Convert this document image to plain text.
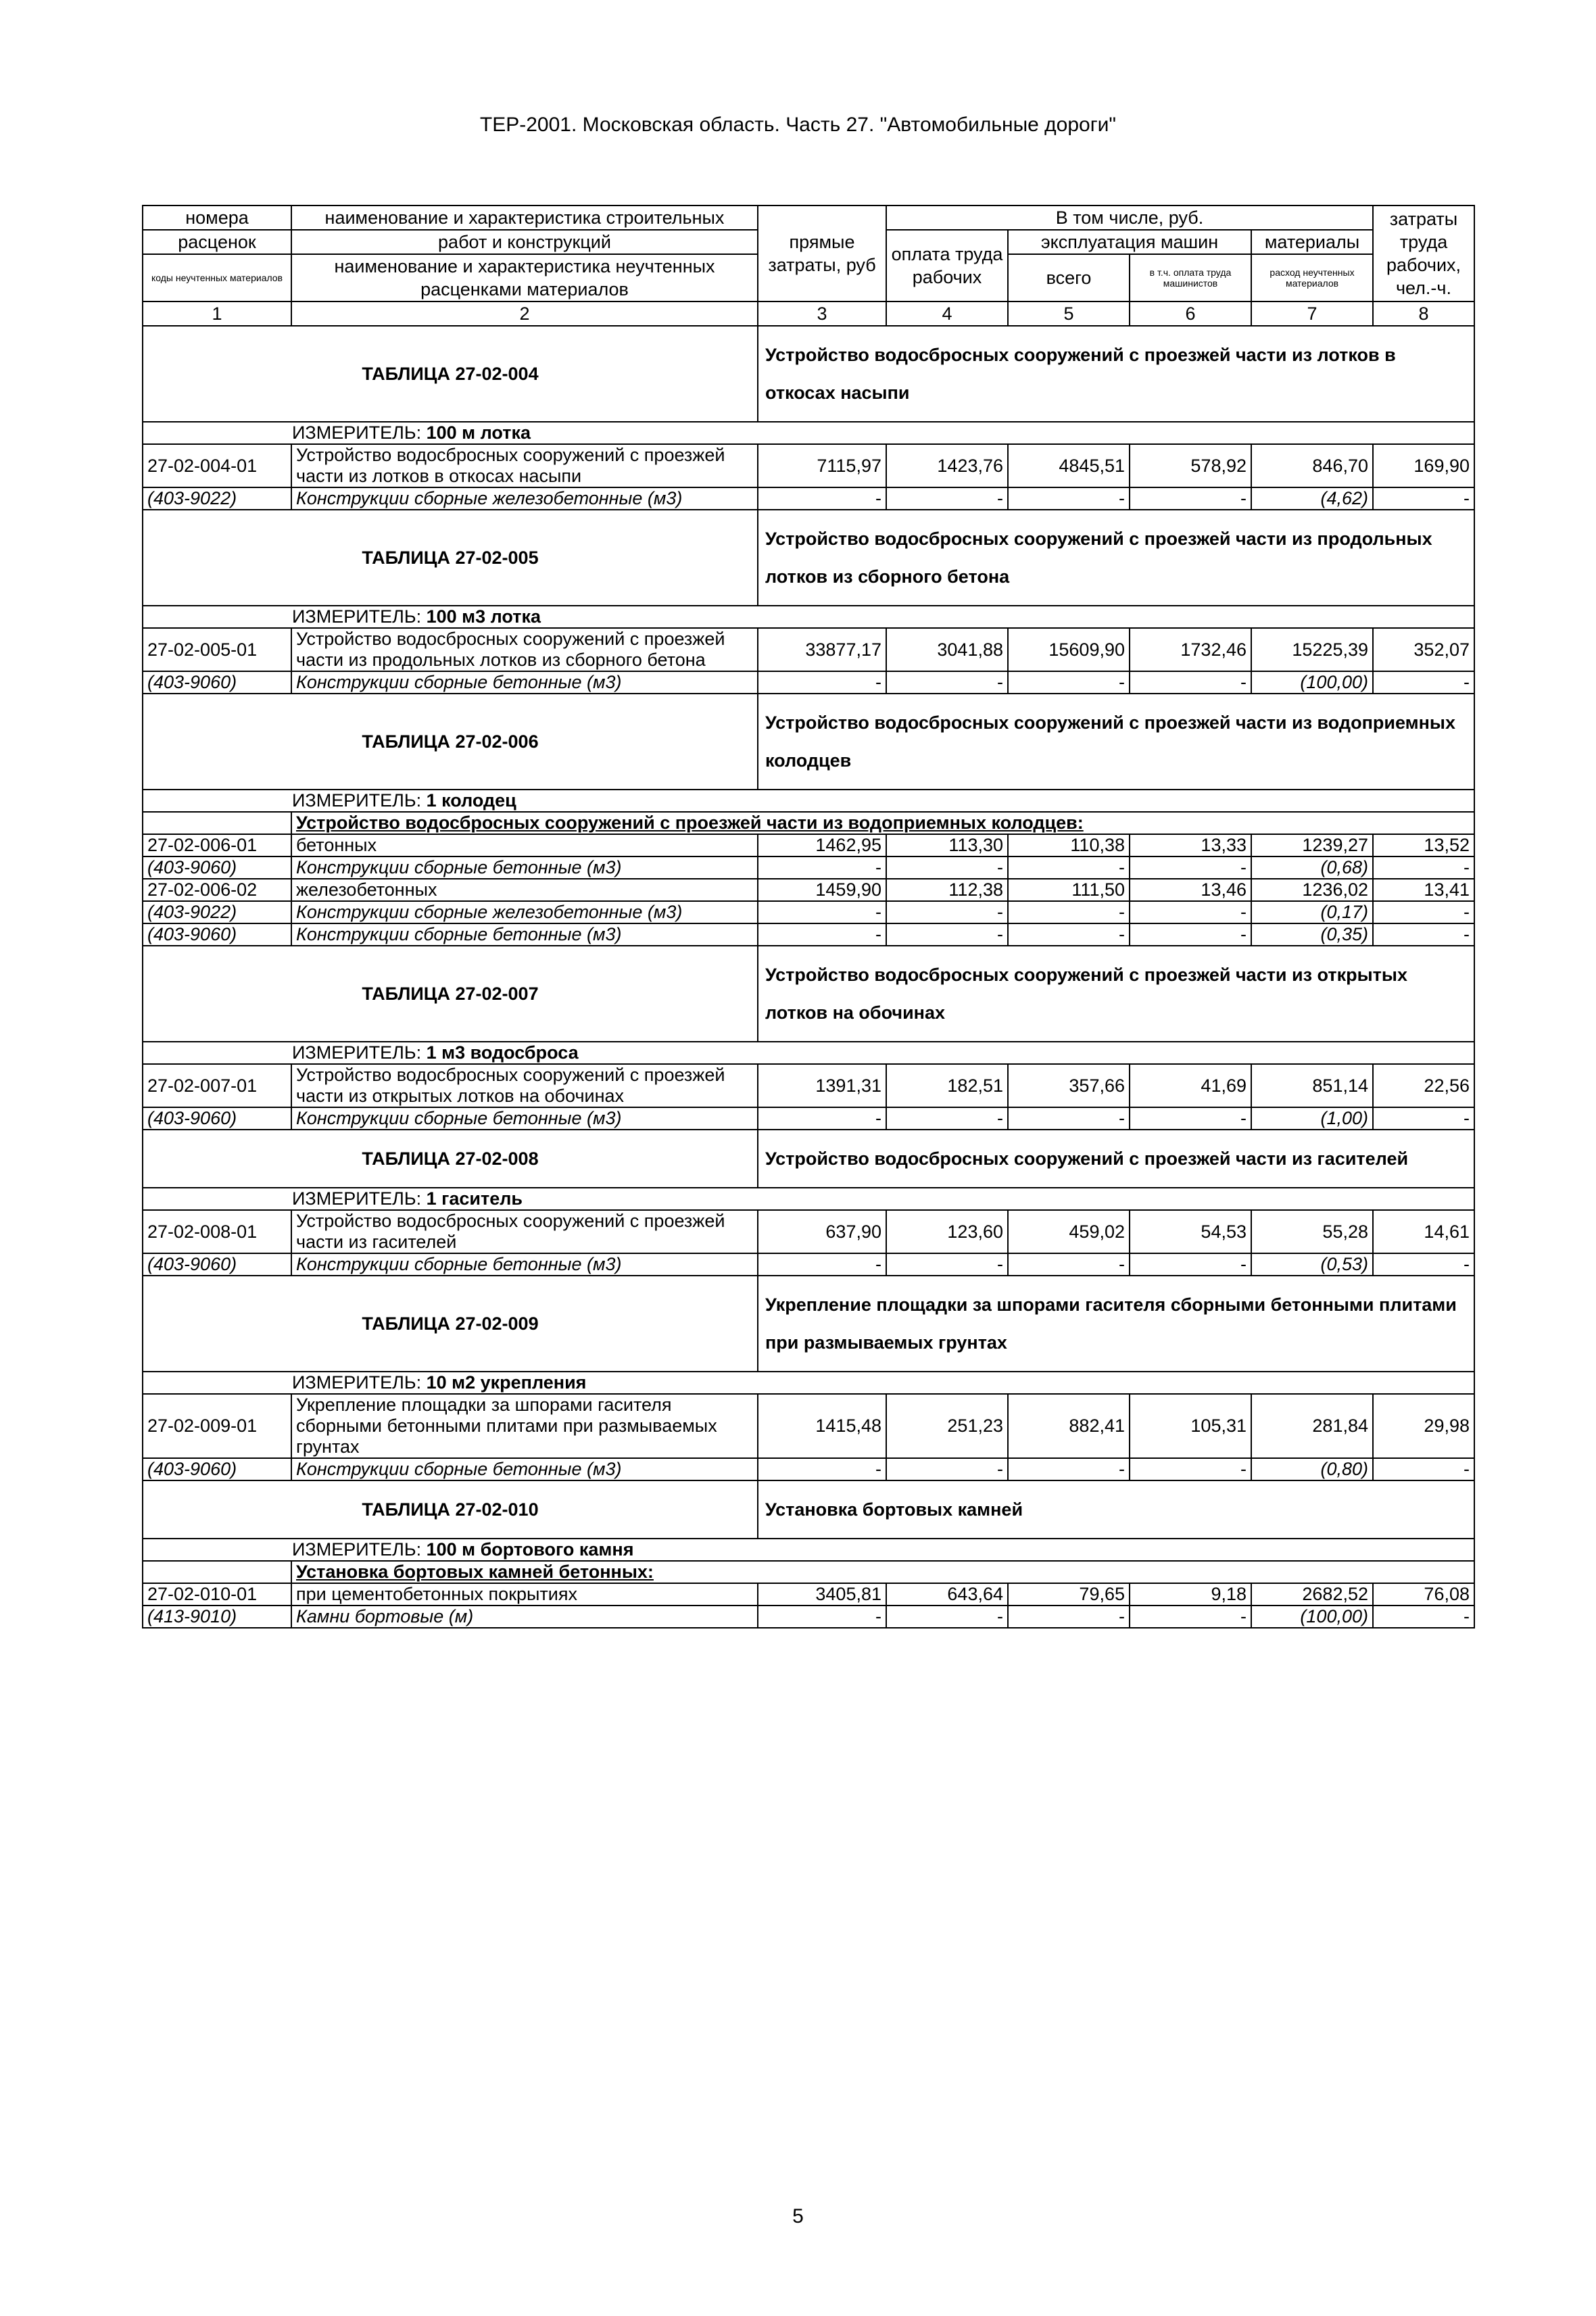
ТЕР-2001. Московская область. Часть 27. "Автомобильные дороги"
номера	наименование и характеристика строительных	прямые затраты, руб	В том числе, руб.				затраты труда рабочих, чел.-ч.
расценок	работ и конструкций		оплата труда рабочих	эксплуатация машин		материалы	
коды неучтенных материалов	наименование и характеристика неучтенных расценками материалов			всего	в т.ч. оплата труда машинистов	расход неучтенных материалов	
1	2	3	4	5	6	7	8
ТАБЛИЦА 27-02-004		Устройство водосбросных сооружений с проезжей части из лотков в откосах насыпи					
ИЗМЕРИТЕЛЬ: 100 м лотка							
27-02-004-01	Устройство водосбросных сооружений с проезжей части из лотков в откосах насыпи	7115,97	1423,76	4845,51	578,92	846,70	169,90
(403-9022)	Конструкции сборные железобетонные (м3)	-	-	-	-	(4,62)	-
ТАБЛИЦА 27-02-005		Устройство водосбросных сооружений с проезжей части из продольных лотков из сборного бетона					
ИЗМЕРИТЕЛЬ: 100 м3 лотка							
27-02-005-01	Устройство водосбросных сооружений с проезжей части из продольных лотков из сборного бетона	33877,17	3041,88	15609,90	1732,46	15225,39	352,07
(403-9060)	Конструкции сборные бетонные (м3)	-	-	-	-	(100,00)	-
ТАБЛИЦА 27-02-006		Устройство водосбросных сооружений с проезжей части из водоприемных колодцев					
ИЗМЕРИТЕЛЬ: 1 колодец							
	Устройство водосбросных сооружений с проезжей части из водоприемных колодцев:						
27-02-006-01	бетонных	1462,95	113,30	110,38	13,33	1239,27	13,52
(403-9060)	Конструкции сборные бетонные (м3)	-	-	-	-	(0,68)	-
27-02-006-02	железобетонных	1459,90	112,38	111,50	13,46	1236,02	13,41
(403-9022)	Конструкции сборные железобетонные (м3)	-	-	-	-	(0,17)	-
(403-9060)	Конструкции сборные бетонные (м3)	-	-	-	-	(0,35)	-
ТАБЛИЦА 27-02-007		Устройство водосбросных сооружений с проезжей части из открытых лотков на обочинах					
ИЗМЕРИТЕЛЬ: 1 м3 водосброса							
27-02-007-01	Устройство водосбросных сооружений с проезжей части из открытых лотков на обочинах	1391,31	182,51	357,66	41,69	851,14	22,56
(403-9060)	Конструкции сборные бетонные (м3)	-	-	-	-	(1,00)	-
ТАБЛИЦА 27-02-008		Устройство водосбросных сооружений с проезжей части из гасителей					
ИЗМЕРИТЕЛЬ: 1 гаситель							
27-02-008-01	Устройство водосбросных сооружений с проезжей части из гасителей	637,90	123,60	459,02	54,53	55,28	14,61
(403-9060)	Конструкции сборные бетонные (м3)	-	-	-	-	(0,53)	-
ТАБЛИЦА 27-02-009		Укрепление площадки за шпорами гасителя сборными бетонными плитами при размываемых грунтах					
ИЗМЕРИТЕЛЬ: 10 м2 укрепления							
27-02-009-01	Укрепление площадки за шпорами гасителя сборными бетонными плитами при размываемых грунтах	1415,48	251,23	882,41	105,31	281,84	29,98
(403-9060)	Конструкции сборные бетонные (м3)	-	-	-	-	(0,80)	-
ТАБЛИЦА 27-02-010		Установка бортовых камней					
ИЗМЕРИТЕЛЬ: 100 м бортового камня							
	Установка бортовых камней бетонных:						
27-02-010-01	при цементобетонных покрытиях	3405,81	643,64	79,65	9,18	2682,52	76,08
(413-9010)	Камни бортовые (м)	-	-	-	-	(100,00)	-
5
